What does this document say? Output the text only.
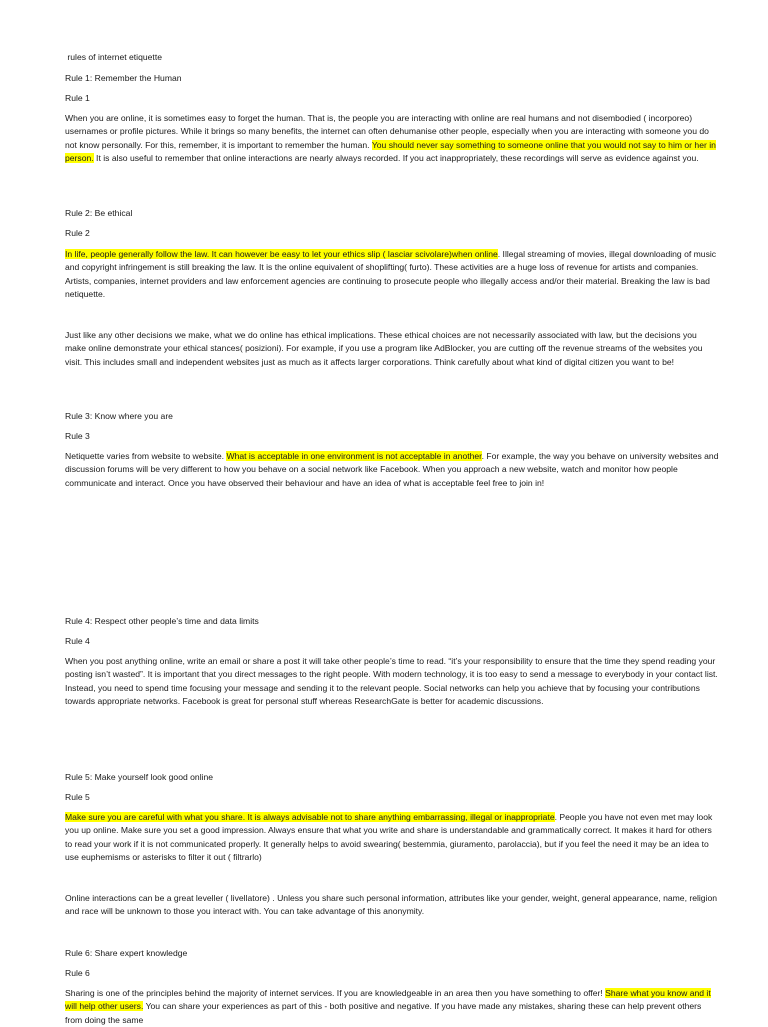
rules of internet etiquette

Rule 1: Remember the Human

Rule 1

When you are online, it is sometimes easy to forget the human. That is, the people you are interacting with online are real humans and not disembodied ( incorporeo) usernames or profile pictures. While it brings so many benefits, the internet can often dehumanise other people, especially when you are interacting with someone you do not know personally. For this, remember, it is important to remember the human. You should never say something to someone online that you would not say to him or her in person. It is also useful to remember that online interactions are nearly always recorded. If you act inappropriately, these recordings will serve as evidence against you.

Rule 2: Be ethical

Rule 2

In life, people generally follow the law. It can however be easy to let your ethics slip ( lasciar scivolare)when online. Illegal streaming of movies, illegal downloading of music and copyright infringement is still breaking the law. It is the online equivalent of shoplifting( furto). These activities are a huge loss of revenue for artists and companies. Artists, companies, internet providers and law enforcement agencies are continuing to prosecute people who illegally access and/or their material. Breaking the law is bad netiquette.

Just like any other decisions we make, what we do online has ethical implications. These ethical choices are not necessarily associated with law, but the decisions you make online demonstrate your ethical stances( posizioni). For example, if you use a program like AdBlocker, you are cutting off the revenue streams of the websites you visit. This includes small and independent websites just as much as it affects larger corporations. Think carefully about what kind of digital citizen you want to be!

Rule 3: Know where you are

Rule 3

Netiquette varies from website to website. What is acceptable in one environment is not acceptable in another. For example, the way you behave on university websites and discussion forums will be very different to how you behave on a social network like Facebook. When you approach a new website, watch and monitor how people communicate and interact. Once you have observed their behaviour and have an idea of what is acceptable feel free to join in!

Rule 4: Respect other people’s time and data limits

Rule 4

When you post anything online, write an email or share a post it will take other people’s time to read. “it’s your responsibility to ensure that the time they spend reading your posting isn’t wasted”. It is important that you direct messages to the right people. With modern technology, it is too easy to send a message to everybody in your contact list. Instead, you need to spend time focusing your message and sending it to the relevant people. Social networks can help you achieve that by focusing your contributions towards appropriate networks. Facebook is great for personal stuff whereas ResearchGate is better for academic discussions.

Rule 5: Make yourself look good online

Rule 5

Make sure you are careful with what you share. It is always advisable not to share anything embarrassing, illegal or inappropriate. People you have not even met may look you up online. Make sure you set a good impression. Always ensure that what you write and share is understandable and grammatically correct. It makes it hard for others to read your work if it is not communicated properly. It generally helps to avoid swearing( bestemmia, giuramento, parolaccia), but if you feel the need it may be an idea to use euphemisms or asterisks to filter it out ( filtrarlo)

Online interactions can be a great leveller ( livellatore) . Unless you share such personal information, attributes like your gender, weight, general appearance, name, religion and race will be unknown to those you interact with. You can take advantage of this anonymity.

Rule 6: Share expert knowledge

Rule 6

Sharing is one of the principles behind the majority of internet services. If you are knowledgeable in an area then you have something to offer! Share what you know and it will help other users. You can share your experiences as part of this - both positive and negative. If you have made any mistakes, sharing these can help prevent others from doing the same
